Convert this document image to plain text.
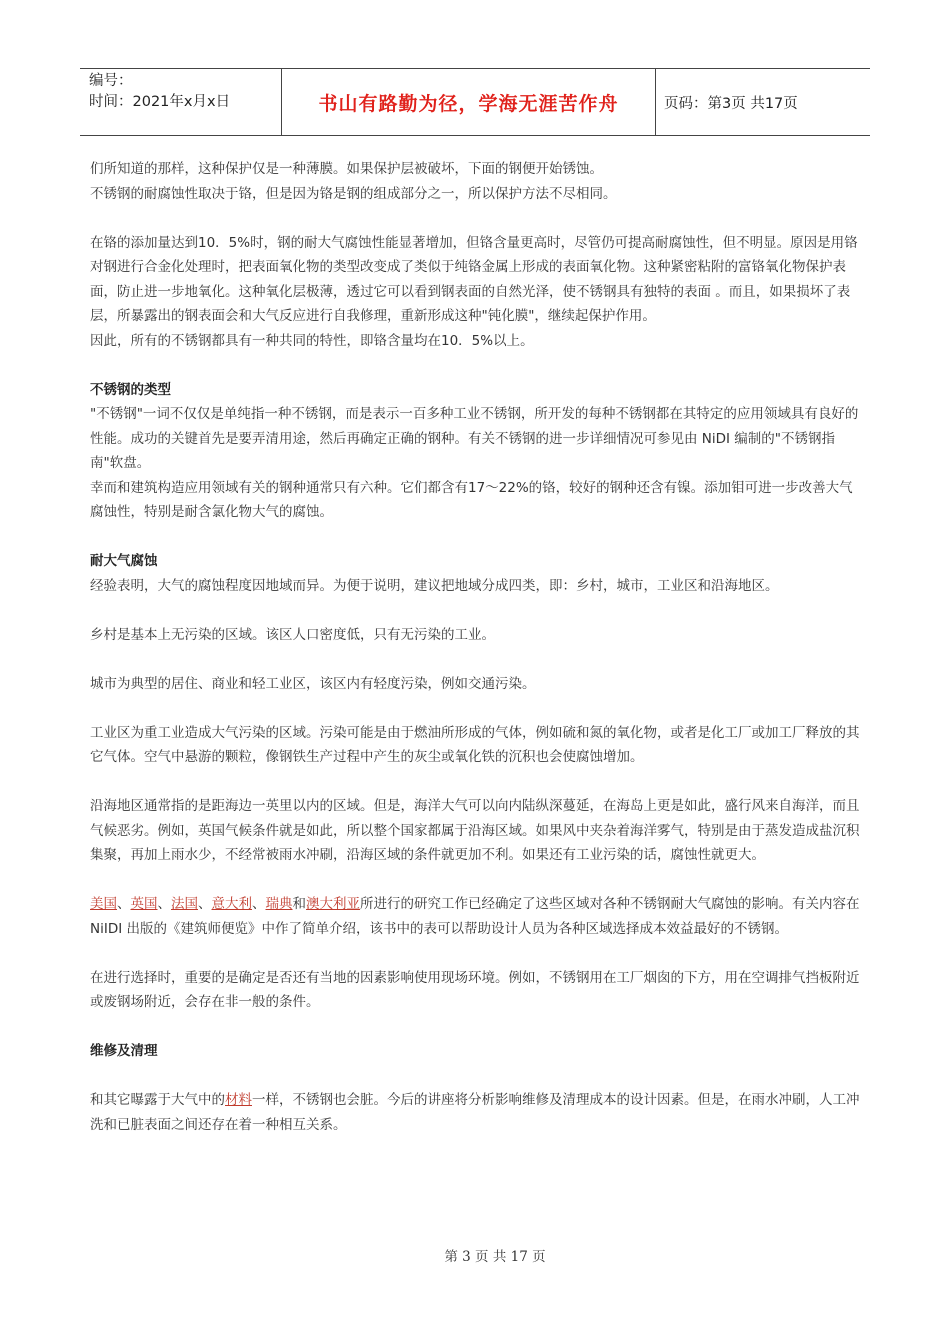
编号：
时间：2021年x月x日	书山有路勤为径，学海无涯苦作舟	页码：第3页 共17页

们所知道的那样，这种保护仅是一种薄膜。如果保护层被破坏，下面的钢便开始锈蚀。

不锈钢的耐腐蚀性取决于铬，但是因为铬是钢的组成部分之一，所以保护方法不尽相同。

在铬的添加量达到10．5%时，钢的耐大气腐蚀性能显著增加，但铬含量更高时，尽管仍可提高耐腐蚀性，但不明显。原因是用铬对钢进行合金化处理时，把表面氧化物的类型改变成了类似于纯铬金属上形成的表面氧化物。这种紧密粘附的富铬氧化物保护表面，防止进一步地氧化。这种氧化层极薄，透过它可以看到钢表面的自然光泽，使不锈钢具有独特的表面 。而且，如果损坏了表层，所暴露出的钢表面会和大气反应进行自我修理，重新形成这种"钝化膜"，继续起保护作用。

因此，所有的不锈钢都具有一种共同的特性，即铬含量均在10．5%以上。

不锈钢的类型

"不锈钢"一词不仅仅是单纯指一种不锈钢，而是表示一百多种工业不锈钢，所开发的每种不锈钢都在其特定的应用领域具有良好的性能。成功的关键首先是要弄清用途，然后再确定正确的钢种。有关不锈钢的进一步详细情况可参见由 NiDI 编制的"不锈钢指南"软盘。

幸而和建筑构造应用领域有关的钢种通常只有六种。它们都含有17～22%的铬，较好的钢种还含有镍。添加钼可进一步改善大气腐蚀性，特别是耐含氯化物大气的腐蚀。

耐大气腐蚀

经验表明，大气的腐蚀程度因地域而异。为便于说明，建议把地域分成四类，即：乡村，城市，工业区和沿海地区。

乡村是基本上无污染的区域。该区人口密度低，只有无污染的工业。

城市为典型的居住、商业和轻工业区，该区内有轻度污染，例如交通污染。

工业区为重工业造成大气污染的区域。污染可能是由于燃油所形成的气体，例如硫和氮的氧化物，或者是化工厂或加工厂释放的其它气体。空气中悬游的颗粒，像钢铁生产过程中产生的灰尘或氧化铁的沉积也会使腐蚀增加。

沿海地区通常指的是距海边一英里以内的区域。但是，海洋大气可以向内陆纵深蔓延，在海岛上更是如此，盛行风来自海洋，而且气候恶劣。例如，英国气候条件就是如此，所以整个国家都属于沿海区域。如果风中夹杂着海洋雾气，特别是由于蒸发造成盐沉积集聚，再加上雨水少，不经常被雨水冲刷，沿海区域的条件就更加不利。如果还有工业污染的话，腐蚀性就更大。

美国、英国、法国、意大利、瑞典和澳大利亚所进行的研究工作已经确定了这些区域对各种不锈钢耐大气腐蚀的影响。有关内容在 NiIDI 出版的《建筑师便览》中作了简单介绍，该书中的表可以帮助设计人员为各种区域选择成本效益最好的不锈钢。

在进行选择时，重要的是确定是否还有当地的因素影响使用现场环境。例如，不锈钢用在工厂烟囱的下方，用在空调排气挡板附近或废钢场附近，会存在非一般的条件。

维修及清理

和其它曝露于大气中的材料一样，不锈钢也会脏。今后的讲座将分析影响维修及清理成本的设计因素。但是，在雨水冲刷，人工冲洗和已脏表面之间还存在着一种相互关系。

第 3 页 共 17 页
